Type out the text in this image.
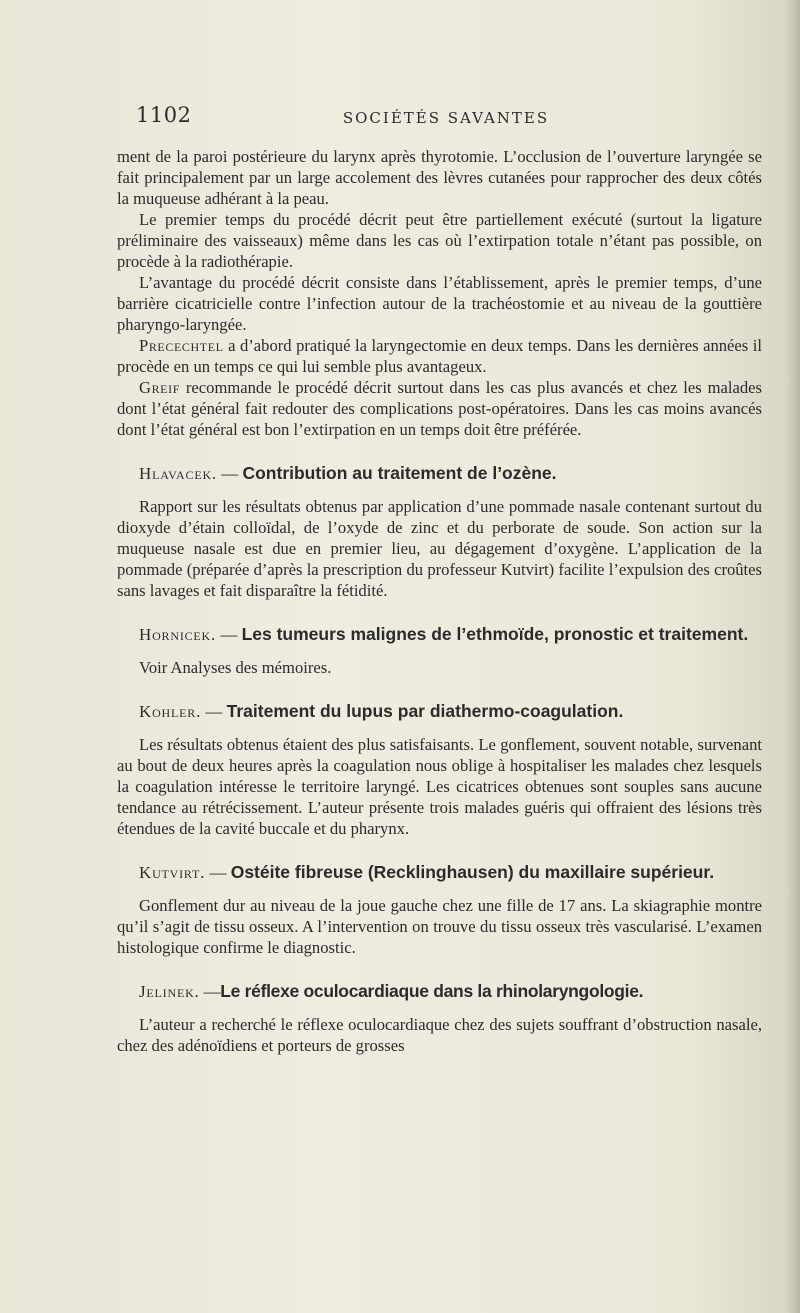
1102	SOCIÉTÉS SAVANTES

ment de la paroi postérieure du larynx après thyrotomie. L’occlusion de l’ouverture laryngée se fait principalement par un large accolement des lèvres cutanées pour rapprocher des deux côtés la muqueuse adhérant à la peau.

Le premier temps du procédé décrit peut être partiellement exécuté (surtout la ligature préliminaire des vaisseaux) même dans les cas où l’extirpation totale n’étant pas possible, on procède à la radiothérapie.

L’avantage du procédé décrit consiste dans l’établissement, après le premier temps, d’une barrière cicatricielle contre l’infection autour de la trachéostomie et au niveau de la gouttière pharyngo-laryngée.

Precechtel a d’abord pratiqué la laryngectomie en deux temps. Dans les dernières années il procède en un temps ce qui lui semble plus avantageux.

Greif recommande le procédé décrit surtout dans les cas plus avancés et chez les malades dont l’état général fait redouter des complications post-opératoires. Dans les cas moins avancés dont l’état général est bon l’extirpation en un temps doit être préférée.

Hlavacek. — Contribution au traitement de l’ozène.

Rapport sur les résultats obtenus par application d’une pommade nasale contenant surtout du dioxyde d’étain colloïdal, de l’oxyde de zinc et du perborate de soude. Son action sur la muqueuse nasale est due en premier lieu, au dégagement d’oxygène. L’application de la pommade (préparée d’après la prescription du professeur Kutvirt) facilite l’expulsion des croûtes sans lavages et fait disparaître la fétidité.

Hornicek. — Les tumeurs malignes de l’ethmoïde, pronostic et traitement.

Voir Analyses des mémoires.

Kohler. — Traitement du lupus par diathermo-coagulation.

Les résultats obtenus étaient des plus satisfaisants. Le gonflement, souvent notable, survenant au bout de deux heures après la coagulation nous oblige à hospitaliser les malades chez lesquels la coagulation intéresse le territoire laryngé. Les cicatrices obtenues sont souples sans aucune tendance au rétrécissement. L’auteur présente trois malades guéris qui offraient des lésions très étendues de la cavité buccale et du pharynx.

Kutvirt. — Ostéite fibreuse (Recklinghausen) du maxillaire supérieur.

Gonflement dur au niveau de la joue gauche chez une fille de 17 ans. La skiagraphie montre qu’il s’agit de tissu osseux. A l’intervention on trouve du tissu osseux très vascularisé. L’examen histologique confirme le diagnostic.

Jelinek. —Le réflexe oculocardiaque dans la rhinolaryngologie.

L’auteur a recherché le réflexe oculocardiaque chez des sujets souffrant d’obstruction nasale, chez des adénoïdiens et porteurs de grosses
